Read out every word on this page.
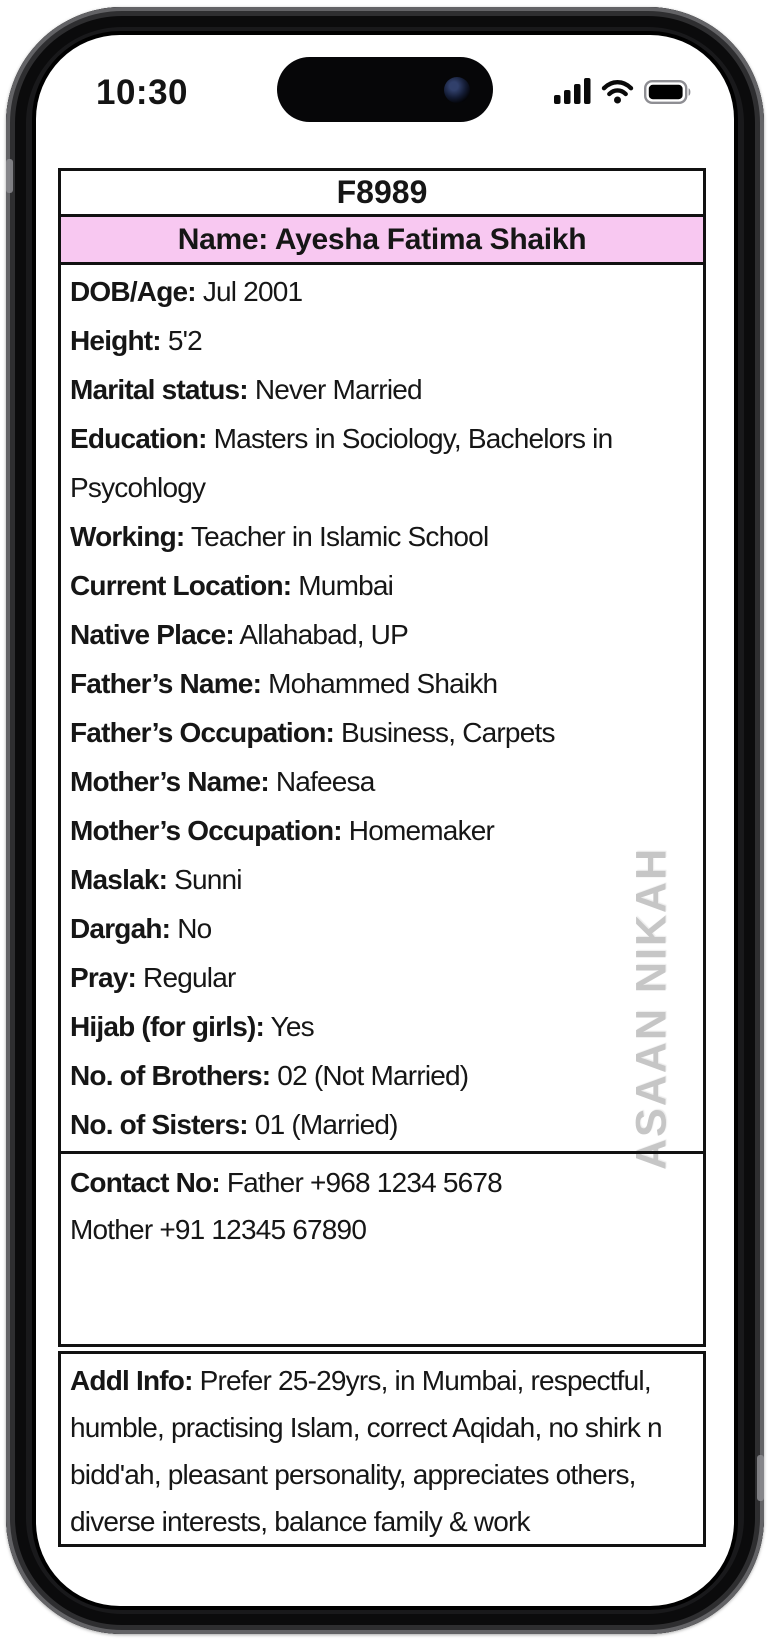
10:30
ASAAN NIKAH
F8989
Name: Ayesha Fatima Shaikh
DOB/Age: Jul 2001
Height: 5'2
Marital status: Never Married
Education: Masters in Sociology, Bachelors in Psycohlogy
Working: Teacher in Islamic School
Current Location: Mumbai
Native Place: Allahabad, UP
Father’s Name: Mohammed Shaikh
Father’s Occupation: Business, Carpets
Mother’s Name: Nafeesa
Mother’s Occupation: Homemaker
Maslak: Sunni
Dargah: No
Pray: Regular
Hijab (for girls): Yes
No. of Brothers: 02 (Not Married)
No. of Sisters: 01 (Married)
Contact No: Father +968 1234 5678
Mother +91 12345 67890
Addl Info: Prefer 25-29yrs, in Mumbai, respectful, humble, practising Islam, correct Aqidah, no shirk n bidd'ah, pleasant personality, appreciates others, diverse interests, balance family & work
